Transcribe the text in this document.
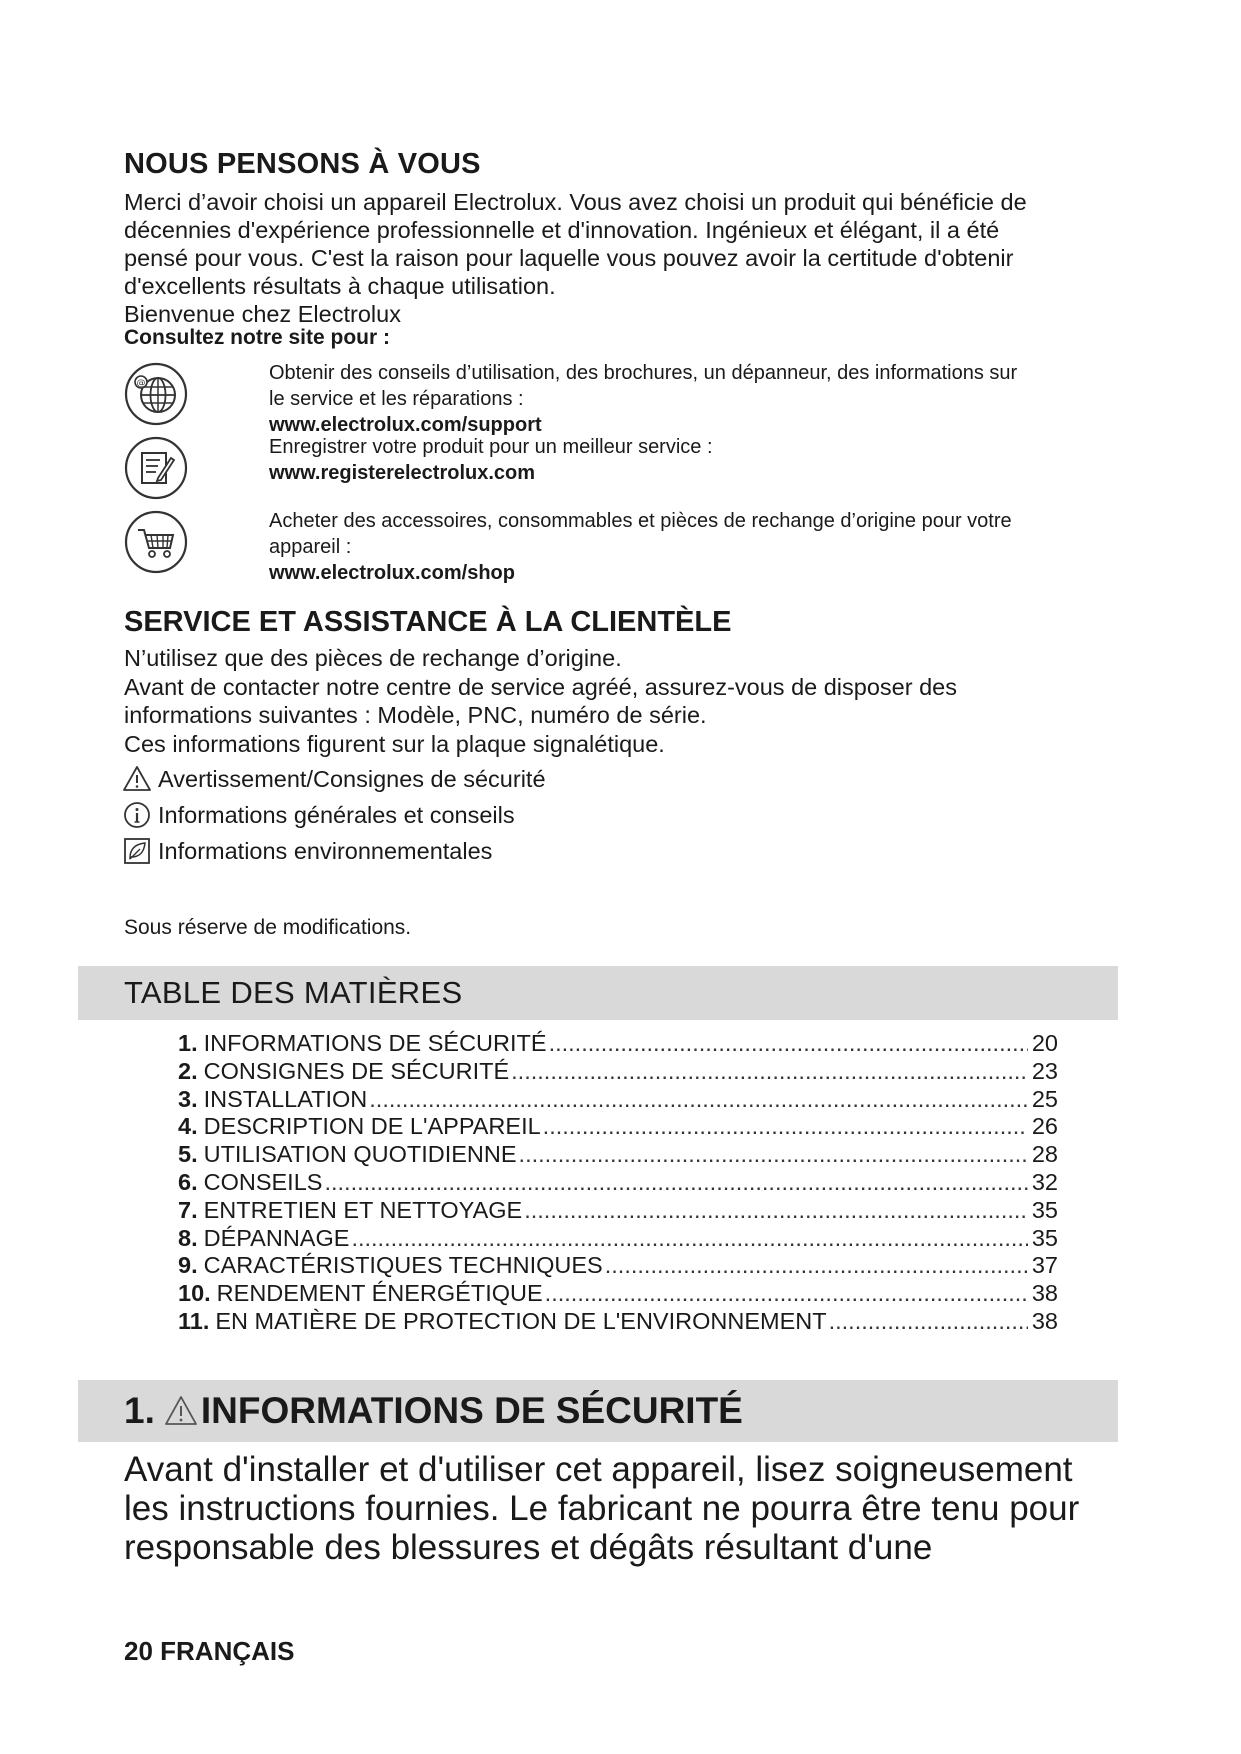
NOUS PENSONS À VOUS

Merci d’avoir choisi un appareil Electrolux. Vous avez choisi un produit qui bénéficie de

décennies d'expérience professionnelle et d'innovation. Ingénieux et élégant, il a été

pensé pour vous. C'est la raison pour laquelle vous pouvez avoir la certitude d'obtenir

d'excellents résultats à chaque utilisation.

Bienvenue chez Electrolux

Consultez notre site pour :
@	Obtenir des conseils d’utilisation, des brochures, un dépanneur, des informations sur
le service et les réparations :
www.electrolux.com/support
Enregistrer votre produit pour un meilleur service :
www.registerelectrolux.com
Acheter des accessoires, consommables et pièces de rechange d’origine pour votre
appareil :
www.electrolux.com/shop
SERVICE ET ASSISTANCE À LA CLIENTÈLE

N’utilisez que des pièces de rechange d’origine.

Avant de contacter notre centre de service agréé, assurez-vous de disposer des

informations suivantes : Modèle, PNC, numéro de série.

Ces informations figurent sur la plaque signalétique.

Avertissement/Consignes de sécurité
Informations générales et conseils
Informations environnementales
Sous réserve de modifications.
TABLE DES MATIÈRES
1. INFORMATIONS DE SÉCURITÉ .....	20
2. CONSIGNES DE SÉCURITÉ .....	23
3. INSTALLATION .....	25
4. DESCRIPTION DE L'APPAREIL .....	26
5. UTILISATION QUOTIDIENNE .....	28
6. CONSEILS .....	32
7. ENTRETIEN ET NETTOYAGE .....	35
8. DÉPANNAGE .....	35
9. CARACTÉRISTIQUES TECHNIQUES .....	37
10. RENDEMENT ÉNERGÉTIQUE .....	38
11. EN MATIÈRE DE PROTECTION DE L'ENVIRONNEMENT .....	38
1. INFORMATIONS DE SÉCURITÉ
Avant d'installer et d'utiliser cet appareil, lisez soigneusement
les instructions fournies. Le fabricant ne pourra être tenu pour
responsable des blessures et dégâts résultant d'une
20 FRANÇAIS
